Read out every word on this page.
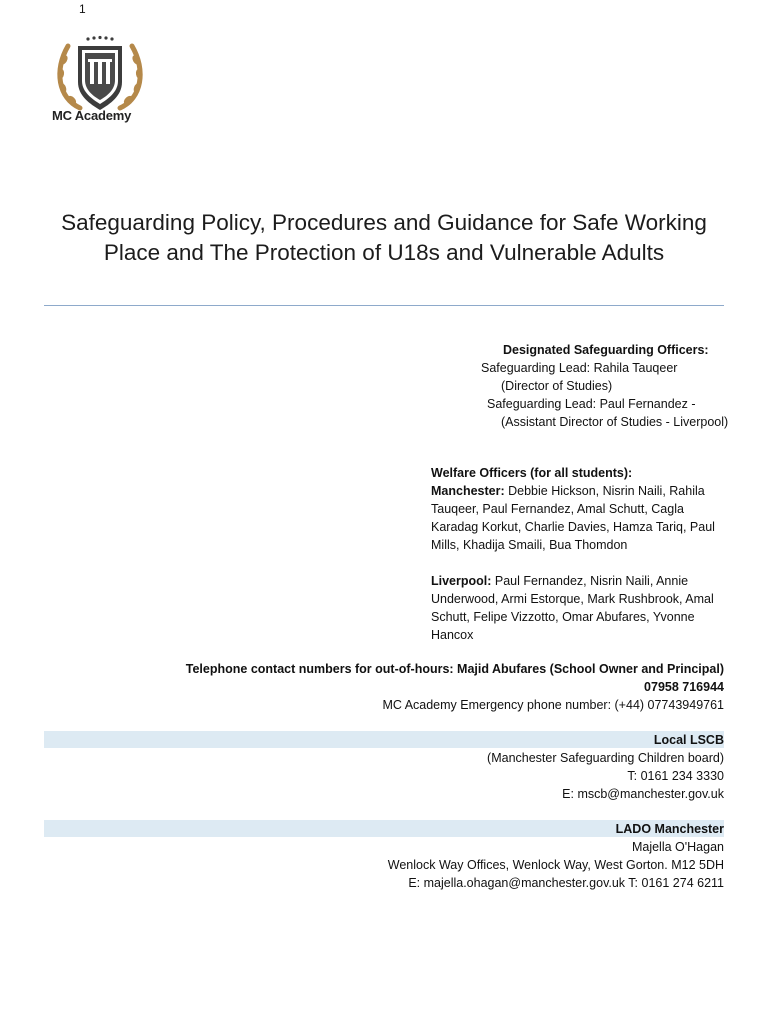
1
MC Academy
Safeguarding Policy, Procedures and Guidance for Safe Working Place and The Protection of U18s and Vulnerable Adults
Designated Safeguarding Officers:
Safeguarding Lead: Rahila Tauqeer
(Director of Studies)
Safeguarding Lead: Paul Fernandez -
(Assistant Director of Studies - Liverpool)
Welfare Officers (for all students):

Manchester: Debbie Hickson, Nisrin Naili, Rahila Tauqeer, Paul Fernandez, Amal Schutt, Cagla Karadag Korkut, Charlie Davies, Hamza Tariq, Paul Mills, Khadija Smaili, Bua Thomdon

Liverpool: Paul Fernandez, Nisrin Naili, Annie Underwood, Armi Estorque, Mark Rushbrook, Amal Schutt, Felipe Vizzotto, Omar Abufares, Yvonne Hancox

Telephone contact numbers for out-of-hours: Majid Abufares (School Owner and Principal)
07958 716944
MC Academy Emergency phone number: (+44) 07743949761
Local LSCB
(Manchester Safeguarding Children board)
T: 0161 234 3330
E: mscb@manchester.gov.uk
LADO Manchester
Majella O'Hagan
Wenlock Way Offices, Wenlock Way, West Gorton. M12 5DH
E: majella.ohagan@manchester.gov.uk T: 0161 274 6211
